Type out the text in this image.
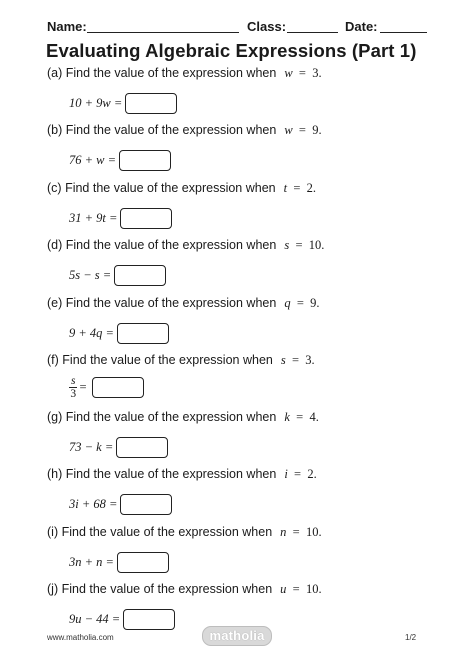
Name:	Class:	Date:
Evaluating Algebraic Expressions (Part 1)
(a) Find the value of the expression when w  =  3.
10 + 9w =
(b) Find the value of the expression when w  =  9.
76 + w =
(c) Find the value of the expression when t  =  2.
31 + 9t =
(d) Find the value of the expression when s  =  10.
5s − s =
(e) Find the value of the expression when q  =  9.
9 + 4q =
(f) Find the value of the expression when s  =  3.
$\frac{s}{3}$ =
(g) Find the value of the expression when k  =  4.
73 − k =
(h) Find the value of the expression when i  =  2.
3i + 68 =
(i) Find the value of the expression when n  =  10.
3n + n =
(j) Find the value of the expression when u  =  10.
9u − 44 =
www.matholia.com	matholia	1/2
